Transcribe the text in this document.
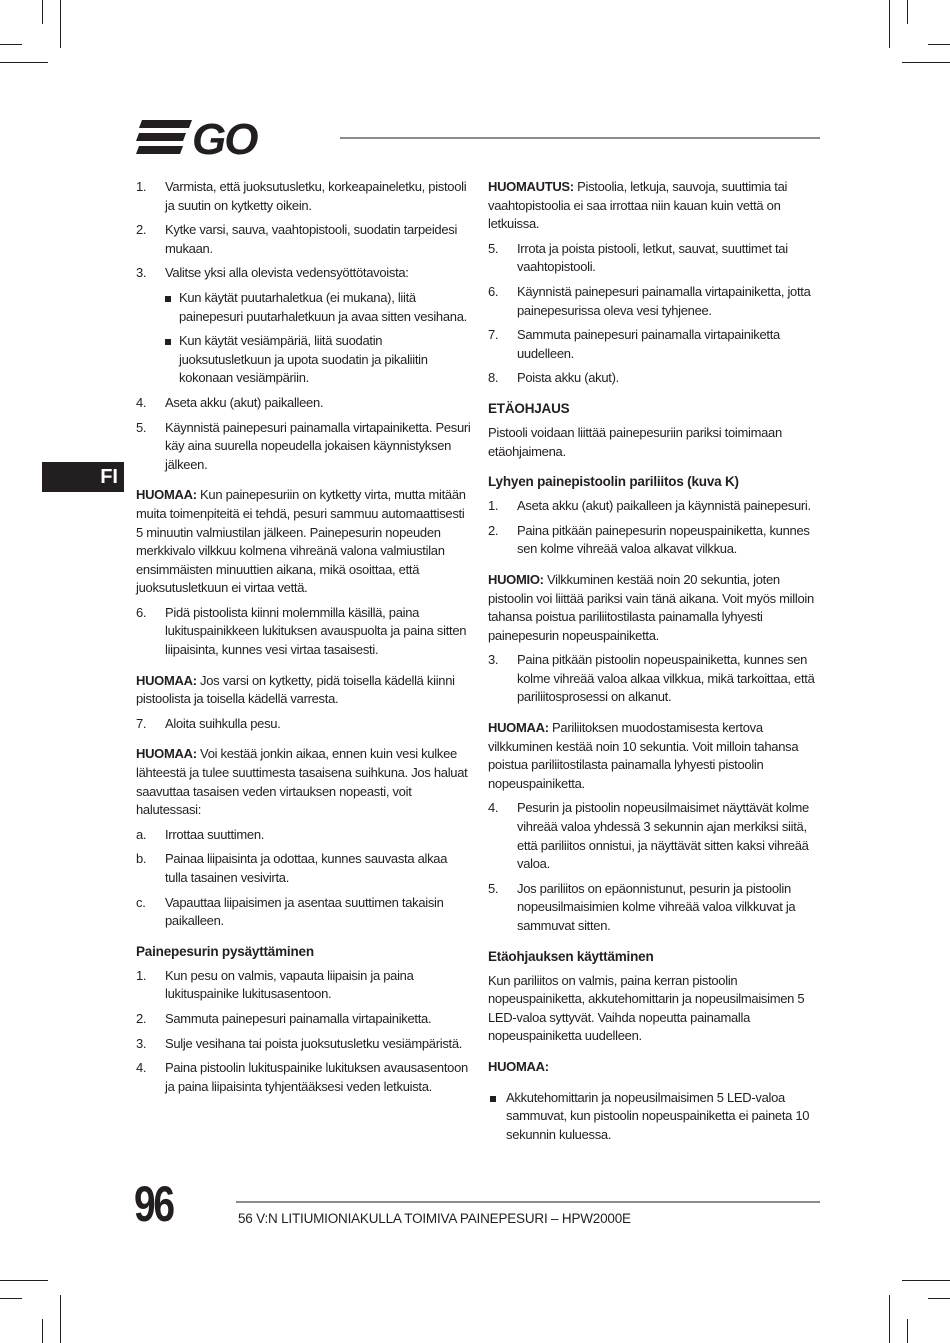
GO
FI
1. Varmista, että juoksutusletku, korkeapaineletku, pistooli ja suutin on kytketty oikein.
2. Kytke varsi, sauva, vaahtopistooli, suodatin tarpeidesi mukaan.
3. Valitse yksi alla olevista vedensyöttötavoista:
Kun käytät puutarhaletkua (ei mukana), liitä painepesuri puutarhaletkuun ja avaa sitten vesihana.
Kun käytät vesiämpäriä, liitä suodatin juoksutusletkuun ja upota suodatin ja pikaliitin kokonaan vesiämpäriin.
4. Aseta akku (akut) paikalleen.
5. Käynnistä painepesuri painamalla virtapainiketta. Pesuri käy aina suurella nopeudella jokaisen käynnistyksen jälkeen.

HUOMAA: Kun painepesuriin on kytketty virta, mutta mitään muita toimenpiteitä ei tehdä, pesuri sammuu automaattisesti 5 minuutin valmiustilan jälkeen. Painepesurin nopeuden merkkivalo vilkkuu kolmena vihreänä valona valmiustilan ensimmäisten minuuttien aikana, mikä osoittaa, että juoksutusletkuun ei virtaa vettä.

6. Pidä pistoolista kiinni molemmilla käsillä, paina lukituspainikkeen lukituksen avauspuolta ja paina sitten liipaisinta, kunnes vesi virtaa tasaisesti.

HUOMAA: Jos varsi on kytketty, pidä toisella kädellä kiinni pistoolista ja toisella kädellä varresta.

7. Aloita suihkulla pesu.

HUOMAA: Voi kestää jonkin aikaa, ennen kuin vesi kulkee lähteestä ja tulee suuttimesta tasaisena suihkuna. Jos haluat saavuttaa tasaisen veden virtauksen nopeasti, voit halutessasi:

a. Irrottaa suuttimen.
b. Painaa liipaisinta ja odottaa, kunnes sauvasta alkaa tulla tasainen vesivirta.
c. Vapauttaa liipaisimen ja asentaa suuttimen takaisin paikalleen.
Painepesurin pysäyttäminen
1. Kun pesu on valmis, vapauta liipaisin ja paina lukituspainike lukitusasentoon.
2. Sammuta painepesuri painamalla virtapainiketta.
3. Sulje vesihana tai poista juoksutusletku vesiämpäristä.
4. Paina pistoolin lukituspainike lukituksen avausasentoon ja paina liipaisinta tyhjentääksesi veden letkuista.

HUOMAUTUS: Pistoolia, letkuja, sauvoja, suuttimia tai vaahtopistoolia ei saa irrottaa niin kauan kuin vettä on letkuissa.

5. Irrota ja poista pistooli, letkut, sauvat, suuttimet tai vaahtopistooli.
6. Käynnistä painepesuri painamalla virtapainiketta, jotta painepesurissa oleva vesi tyhjenee.
7. Sammuta painepesuri painamalla virtapainiketta uudelleen.
8. Poista akku (akut).
ETÄOHJAUS

Pistooli voidaan liittää painepesuriin pariksi toimimaan etäohjaimena.

Lyhyen painepistoolin pariliitos (kuva K)
1. Aseta akku (akut) paikalleen ja käynnistä painepesuri.
2. Paina pitkään painepesurin nopeuspainiketta, kunnes sen kolme vihreää valoa alkavat vilkkua.

HUOMIO: Vilkkuminen kestää noin 20 sekuntia, joten pistoolin voi liittää pariksi vain tänä aikana. Voit myös milloin tahansa poistua pariliitostilasta painamalla lyhyesti painepesurin nopeuspainiketta.

3. Paina pitkään pistoolin nopeuspainiketta, kunnes sen kolme vihreää valoa alkaa vilkkua, mikä tarkoittaa, että pariliitosprosessi on alkanut.

HUOMAA: Pariliitoksen muodostamisesta kertova vilkkuminen kestää noin 10 sekuntia. Voit milloin tahansa poistua pariliitostilasta painamalla lyhyesti pistoolin nopeuspainiketta.

4. Pesurin ja pistoolin nopeusilmaisimet näyttävät kolme vihreää valoa yhdessä 3 sekunnin ajan merkiksi siitä, että pariliitos onnistui, ja näyttävät sitten kaksi vihreää valoa.
5. Jos pariliitos on epäonnistunut, pesurin ja pistoolin nopeusilmaisimien kolme vihreää valoa vilkkuvat ja sammuvat sitten.
Etäohjauksen käyttäminen

Kun pariliitos on valmis, paina kerran pistoolin nopeuspainiketta, akkutehomittarin ja nopeusilmaisimen 5 LED-valoa syttyvät. Vaihda nopeutta painamalla nopeuspainiketta uudelleen.

HUOMAA:

Akkutehomittarin ja nopeusilmaisimen 5 LED-valoa sammuvat, kun pistoolin nopeuspainiketta ei paineta 10 sekunnin kuluessa.
96	56 V:N LITIUMIONIAKULLA TOIMIVA PAINEPESURI – HPW2000E
